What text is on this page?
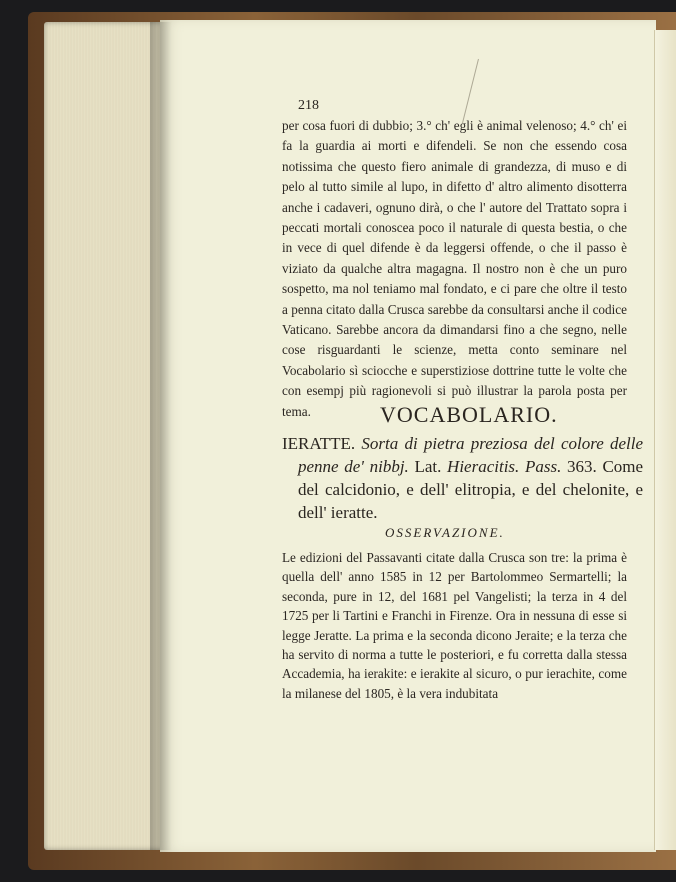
218

per cosa fuori di dubbio; 3.° ch' egli è animal velenoso; 4.° ch' ei fa la guardia ai morti e difendeli. Se non che essendo cosa notissima che questo fiero animale di grandezza, di muso e di pelo al tutto simile al lupo, in difetto d' altro alimento disotterra anche i cadaveri, ognuno dirà, o che l' autore del Trattato sopra i peccati mortali conoscea poco il naturale di questa bestia, o che in vece di quel difende è da leggersi offende, o che il passo è viziato da qualche altra magagna. Il nostro non è che un puro sospetto, ma nol teniamo mal fondato, e ci pare che oltre il testo a penna citato dalla Crusca sarebbe da consultarsi anche il codice Vaticano. Sarebbe ancora da dimandarsi fino a che segno, nelle cose risguardanti le scienze, metta conto seminare nel Vocabolario sì sciocche e superstiziose dottrine tutte le volte che con esempj più ragionevoli si può illustrar la parola posta per tema.	VOCABOLARIO.
IERATTE. Sorta di pietra preziosa del colore delle penne de' nibbj. Lat. Hieracitis. Pass. 363. Come del calcidonio, e dell' elitropia, e del chelonite, e dell' ieratte.
OSSERVAZIONE.

Le edizioni del Passavanti citate dalla Crusca son tre: la prima è quella dell' anno 1585 in 12 per Bartolommeo Sermartelli; la seconda, pure in 12, del 1681 pel Vangelisti; la terza in 4 del 1725 per li Tartini e Franchi in Firenze. Ora in nessuna di esse si legge Jeratte. La prima e la seconda dicono Jeraite; e la terza che ha servito di norma a tutte le posteriori, e fu corretta dalla stessa Accademia, ha ierakite: e ierakite al sicuro, o pur ierachite, come la milanese del 1805, è la vera indubitata
